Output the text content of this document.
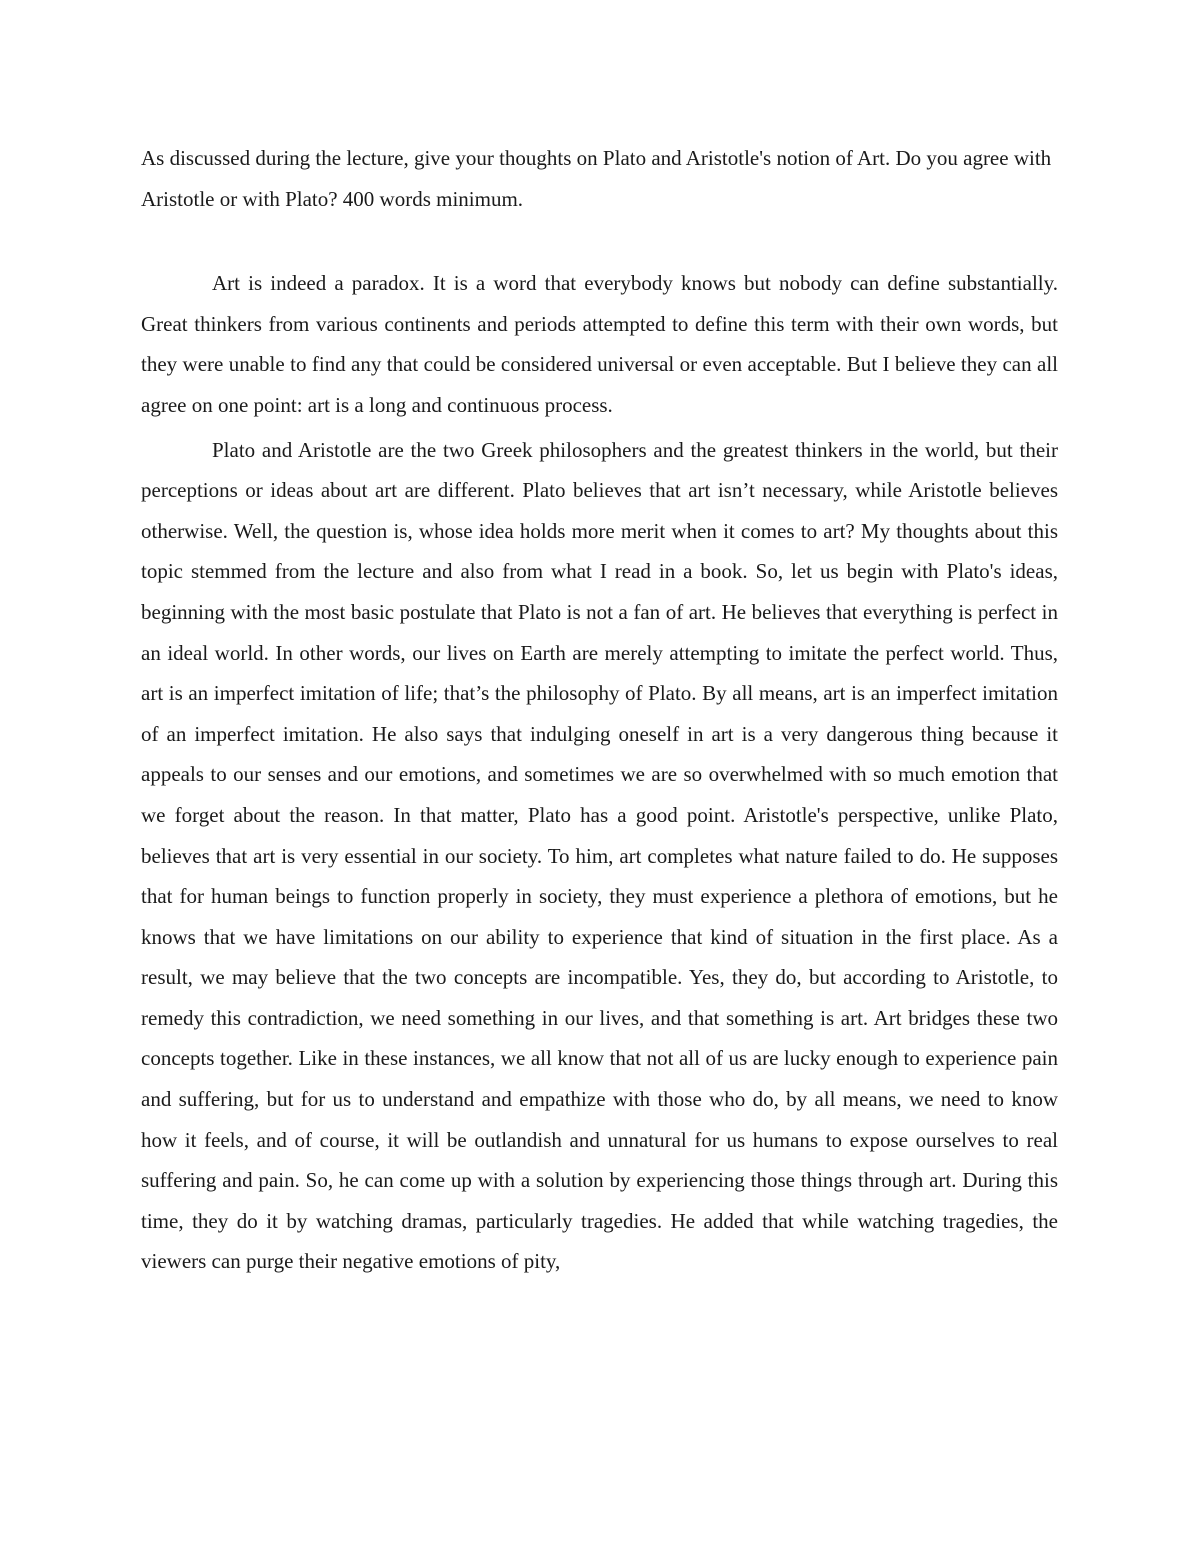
As discussed during the lecture, give your thoughts on Plato and Aristotle's notion of Art. Do you agree with Aristotle or with Plato? 400 words minimum.

Art is indeed a paradox. It is a word that everybody knows but nobody can define substantially. Great thinkers from various continents and periods attempted to define this term with their own words, but they were unable to find any that could be considered universal or even acceptable. But I believe they can all agree on one point: art is a long and continuous process.

Plato and Aristotle are the two Greek philosophers and the greatest thinkers in the world, but their perceptions or ideas about art are different. Plato believes that art isn’t necessary, while Aristotle believes otherwise. Well, the question is, whose idea holds more merit when it comes to art? My thoughts about this topic stemmed from the lecture and also from what I read in a book. So, let us begin with Plato's ideas, beginning with the most basic postulate that Plato is not a fan of art. He believes that everything is perfect in an ideal world. In other words, our lives on Earth are merely attempting to imitate the perfect world. Thus, art is an imperfect imitation of life; that’s the philosophy of Plato. By all means, art is an imperfect imitation of an imperfect imitation. He also says that indulging oneself in art is a very dangerous thing because it appeals to our senses and our emotions, and sometimes we are so overwhelmed with so much emotion that we forget about the reason. In that matter, Plato has a good point. Aristotle's perspective, unlike Plato, believes that art is very essential in our society. To him, art completes what nature failed to do. He supposes that for human beings to function properly in society, they must experience a plethora of emotions, but he knows that we have limitations on our ability to experience that kind of situation in the first place. As a result, we may believe that the two concepts are incompatible. Yes, they do, but according to Aristotle, to remedy this contradiction, we need something in our lives, and that something is art. Art bridges these two concepts together. Like in these instances, we all know that not all of us are lucky enough to experience pain and suffering, but for us to understand and empathize with those who do, by all means, we need to know how it feels, and of course, it will be outlandish and unnatural for us humans to expose ourselves to real suffering and pain. So, he can come up with a solution by experiencing those things through art. During this time, they do it by watching dramas, particularly tragedies. He added that while watching tragedies, the viewers can purge their negative emotions of pity,
